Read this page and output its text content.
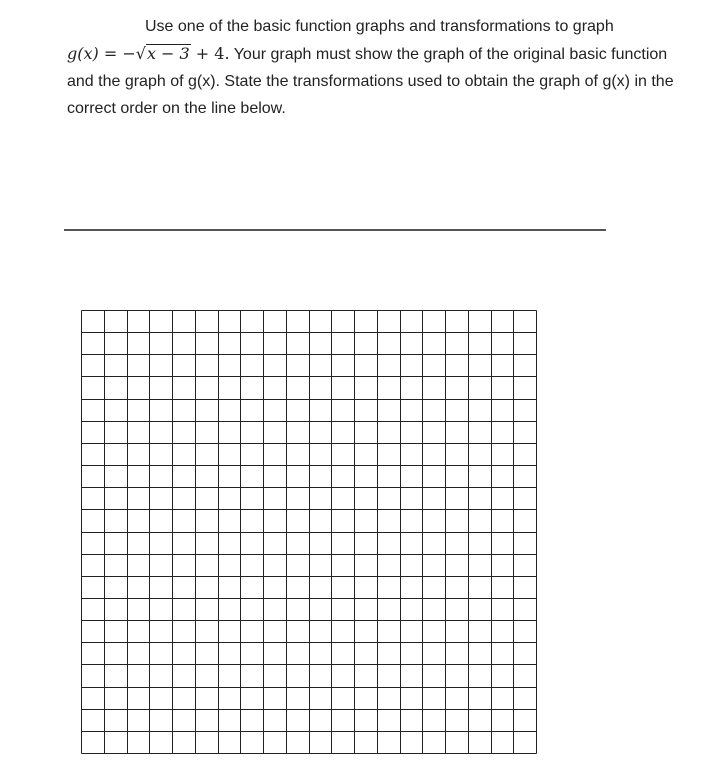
Use one of the basic function graphs and transformations to graph

g(x) = −√x − 3 + 4. Your graph must show the graph of the original basic function and the graph of g(x). State the transformations used to obtain the graph of g(x) in the correct order on the line below.
